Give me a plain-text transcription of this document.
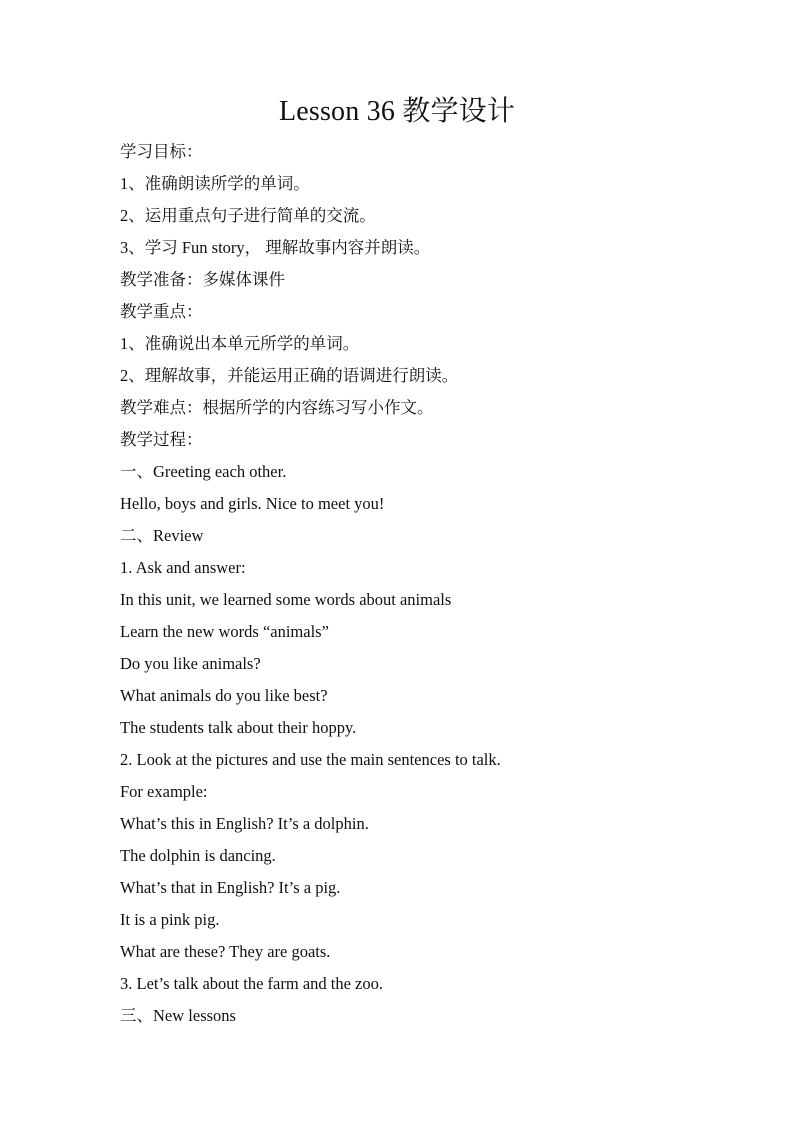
Lesson 36 教学设计
学习目标：
1、准确朗读所学的单词。
2、运用重点句子进行简单的交流。
3、学习 Fun story， 理解故事内容并朗读。
教学准备：多媒体课件
教学重点：
1、准确说出本单元所学的单词。
2、理解故事，并能运用正确的语调进行朗读。
教学难点：根据所学的内容练习写小作文。
教学过程：
一、Greeting each other.
Hello, boys and girls. Nice to meet you!
二、Review
1. Ask and answer:
In this unit, we learned some words about animals
Learn the new words “animals”
Do you like animals?
What animals do you like best?
The students talk about their hoppy.
2. Look at the pictures and use the main sentences to talk.
For example:
What’s this in English? It’s a dolphin.
The dolphin is dancing.
What’s that in English? It’s a pig.
It is a pink pig.
What are these? They are goats.
3. Let’s talk about the farm and the zoo.
三、New lessons
